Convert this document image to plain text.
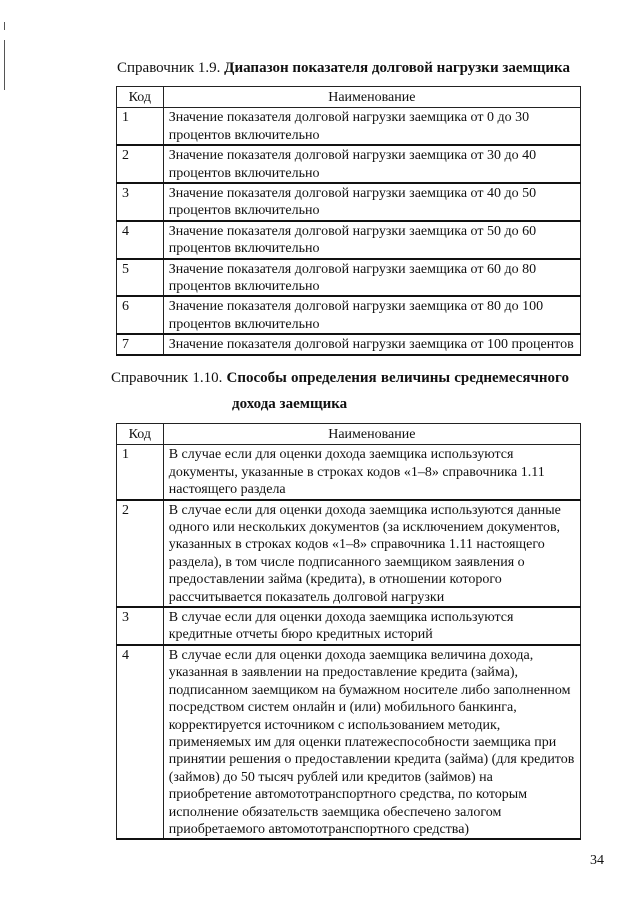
Справочник 1.9. Диапазон показателя долговой нагрузки заемщика
Код	Наименование
1	Значение показателя долговой нагрузки заемщика от 0 до 30 процентов включительно
2	Значение показателя долговой нагрузки заемщика от 30 до 40 процентов включительно
3	Значение показателя долговой нагрузки заемщика от 40 до 50 процентов включительно
4	Значение показателя долговой нагрузки заемщика от 50 до 60 процентов включительно
5	Значение показателя долговой нагрузки заемщика от 60 до 80 процентов включительно
6	Значение показателя долговой нагрузки заемщика от 80 до 100 процентов включительно
7	Значение показателя долговой нагрузки заемщика от 100 процентов
Справочник 1.10. Способы определения величины среднемесячного
дохода заемщика
Код	Наименование
1	В случае если для оценки дохода заемщика используются документы, указанные в строках кодов «1–8» справочника 1.11 настоящего раздела
2	В случае если для оценки дохода заемщика используются данные одного или нескольких документов (за исключением документов, указанных в строках кодов «1–8» справочника 1.11 настоящего раздела), в том числе подписанного заемщиком заявления о предоставлении займа (кредита), в отношении которого рассчитывается показатель долговой нагрузки
3	В случае если для оценки дохода заемщика используются кредитные отчеты бюро кредитных историй
4	В случае если для оценки дохода заемщика величина дохода, указанная в заявлении на предоставление кредита (займа), подписанном заемщиком на бумажном носителе либо заполненном посредством систем онлайн и (или) мобильного банкинга, корректируется источником с использованием методик, применяемых им для оценки платежеспособности заемщика при принятии решения о предоставлении кредита (займа) (для кредитов (займов) до 50 тысяч рублей или кредитов (займов) на приобретение автомототранспортного средства, по которым исполнение обязательств заемщика обеспечено залогом приобретаемого автомототранспортного средства)
34
